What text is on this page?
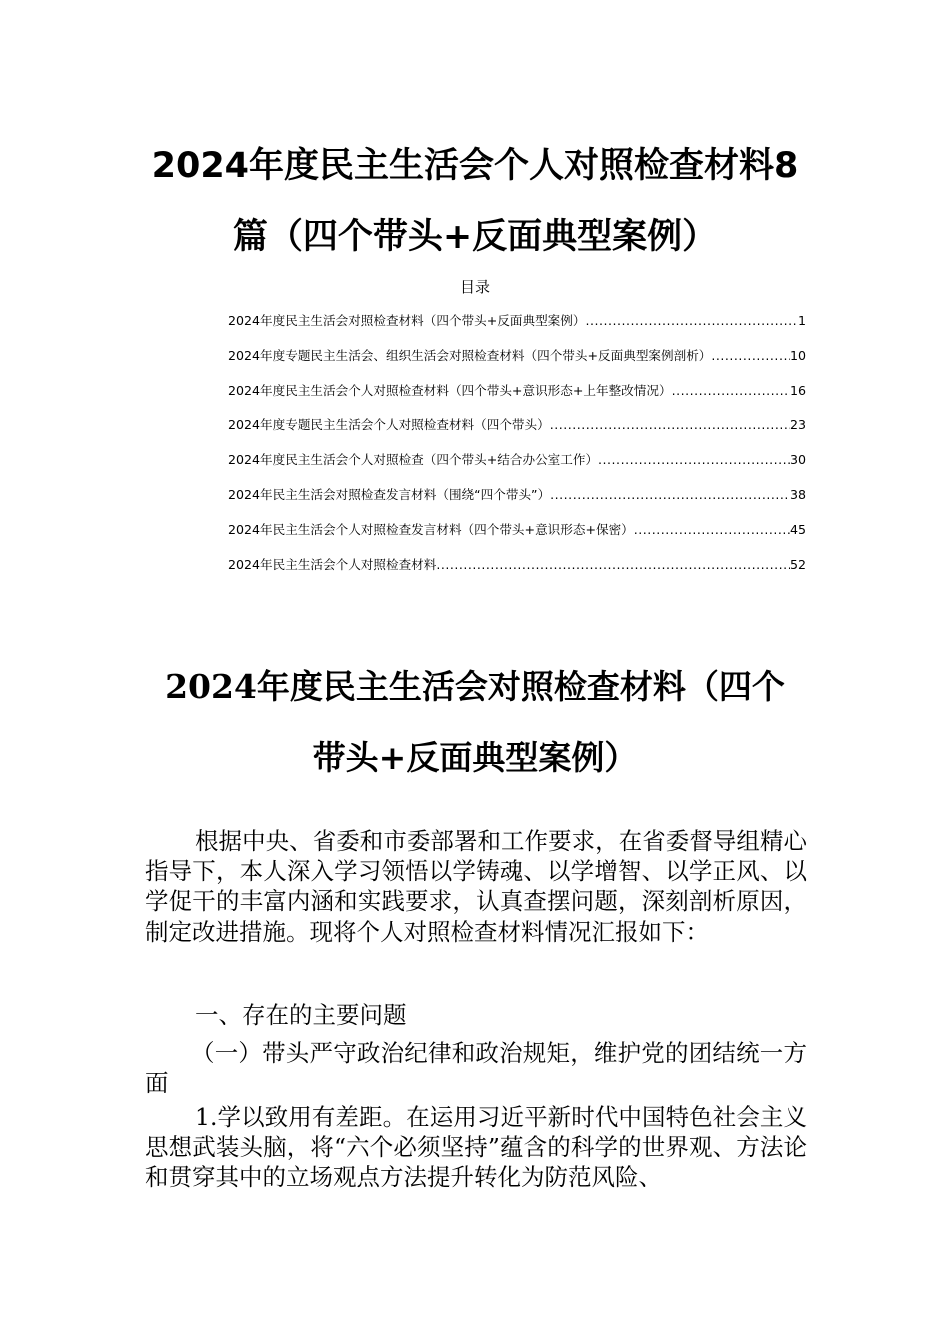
2024年度民主生活会个人对照检查材料8
篇（四个带头+反面典型案例）

目录

2024年度民主生活会对照检查材料（四个带头+反面典型案例） .....	1
2024年度专题民主生活会、组织生活会对照检查材料（四个带头+反面典型案例剖析） .....	10
2024年度民主生活会个人对照检查材料（四个带头+意识形态+上年整改情况） .....	16
2024年度专题民主生活会个人对照检查材料（四个带头） .....	23
2024年度民主生活会个人对照检查（四个带头+结合办公室工作） .....	30
2024年民主生活会对照检查发言材料（围绕“四个带头”） .....	38
2024年民主生活会个人对照检查发言材料（四个带头+意识形态+保密） .....	45
2024年民主生活会个人对照检查材料 .....	52
2024年度民主生活会对照检查材料（四个
带头+反面典型案例）

根据中央、省委和市委部署和工作要求，在省委督导组精心指导下，本人深入学习领悟以学铸魂、以学增智、以学正风、以学促干的丰富内涵和实践要求，认真查摆问题，深刻剖析原因，制定改进措施。现将个人对照检查材料情况汇报如下：

一、存在的主要问题

（一）带头严守政治纪律和政治规矩，维护党的团结统一方面

1.学以致用有差距。在运用习近平新时代中国特色社会主义思想武装头脑，将“六个必须坚持”蕴含的科学的世界观、方法论和贯穿其中的立场观点方法提升转化为防范风险、
